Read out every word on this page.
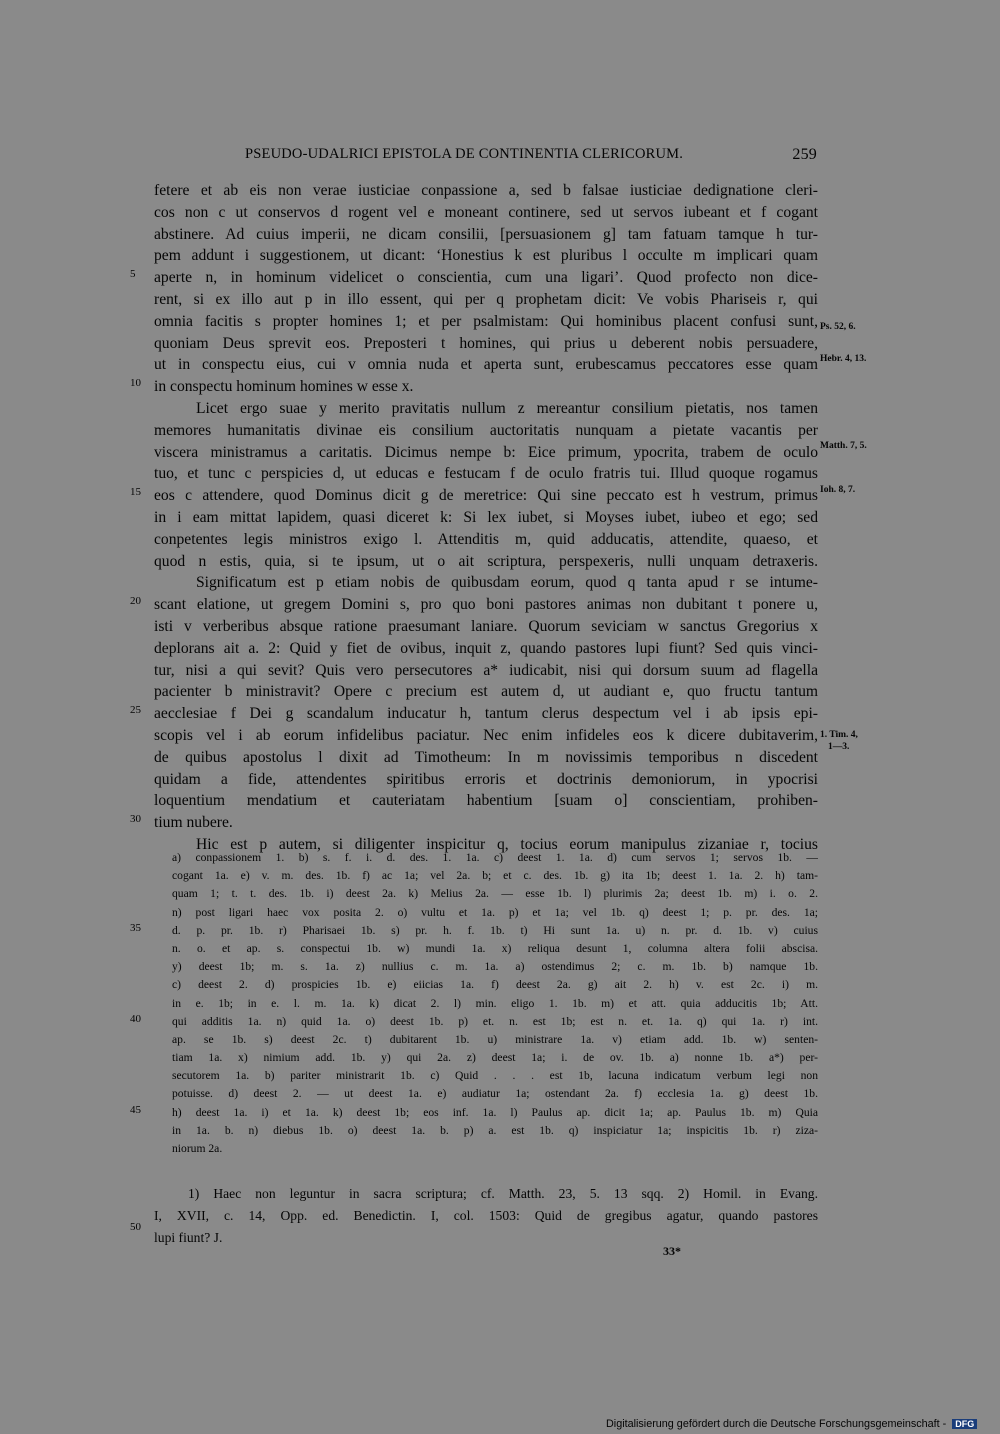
PSEUDO-UDALRICI EPISTOLA DE CONTINENTIA CLERICORUM.	259
fetere et ab eis non verae iusticiae conpassione a, sed b falsae iusticiae dedignatione cleri-
cos non c ut conservos d rogent vel e moneant continere, sed ut servos iubeant et f cogant
abstinere. Ad cuius imperii, ne dicam consilii, [persuasionem g] tam fatuam tamque h tur-
pem addunt i suggestionem, ut dicant: ‘Honestius k est pluribus l occulte m implicari quam
aperte n, in hominum videlicet o conscientia, cum una ligari’. Quod profecto non dice-
rent, si ex illo aut p in illo essent, qui per q prophetam dicit: Ve vobis Phariseis r, qui
omnia facitis s propter homines 1; et per psalmistam: Qui hominibus placent confusi sunt,
quoniam Deus sprevit eos. Preposteri t homines, qui prius u deberent nobis persuadere,
ut in conspectu eius, cui v omnia nuda et aperta sunt, erubescamus peccatores esse quam
in conspectu hominum homines w esse x.
Licet ergo suae y merito pravitatis nullum z mereantur consilium pietatis, nos tamen
memores humanitatis divinae eis consilium auctoritatis nunquam a pietate vacantis per
viscera ministramus a caritatis. Dicimus nempe b: Eice primum, ypocrita, trabem de oculo
tuo, et tunc c perspicies d, ut educas e festucam f de oculo fratris tui. Illud quoque rogamus
eos c attendere, quod Dominus dicit g de meretrice: Qui sine peccato est h vestrum, primus
in i eam mittat lapidem, quasi diceret k: Si lex iubet, si Moyses iubet, iubeo et ego; sed
conpetentes legis ministros exigo l. Attenditis m, quid adducatis, attendite, quaeso, et
quod n estis, quia, si te ipsum, ut o ait scriptura, perspexeris, nulli unquam detraxeris.
Significatum est p etiam nobis de quibusdam eorum, quod q tanta apud r se intume-
scant elatione, ut gregem Domini s, pro quo boni pastores animas non dubitant t ponere u,
isti v verberibus absque ratione praesumant laniare. Quorum seviciam w sanctus Gregorius x
deplorans ait a. 2: Quid y fiet de ovibus, inquit z, quando pastores lupi fiunt? Sed quis vinci-
tur, nisi a qui sevit? Quis vero persecutores a* iudicabit, nisi qui dorsum suum ad flagella
pacienter b ministravit? Opere c precium est autem d, ut audiant e, quo fructu tantum
aecclesiae f Dei g scandalum inducatur h, tantum clerus despectum vel i ab ipsis epi-
scopis vel i ab eorum infidelibus paciatur. Nec enim infideles eos k dicere dubitaverim,
de quibus apostolus l dixit ad Timotheum: In m novissimis temporibus n discedent
quidam a fide, attendentes spiritibus erroris et doctrinis demoniorum, in ypocrisi
loquentium mendatium et cauteriatam habentium [suam o] conscientiam, prohiben-
tium nubere.
Hic est p autem, si diligenter inspicitur q, tocius eorum manipulus zizaniae r, tocius
5
10
15
20
25
30
35
40
45
50
Ps. 52, 6.
Hebr. 4, 13.
Matth. 7, 5.
Ioh. 8, 7.
1. Tim. 4,
1—3.
a) conpassionem 1. b) s. f. i. d. des. 1. 1a. c) deest 1. 1a. d) cum servos 1; servos 1b. —
cogant 1a. e) v. m. des. 1b. f) ac 1a; vel 2a. b; et c. des. 1b. g) ita 1b; deest 1. 1a. 2. h) tam-
quam 1; t. t. des. 1b. i) deest 2a. k) Melius 2a. — esse 1b. l) plurimis 2a; deest 1b. m) i. o. 2.
n) post ligari haec vox posita 2. o) vultu et 1a. p) et 1a; vel 1b. q) deest 1; p. pr. des. 1a;
d. p. pr. 1b. r) Pharisaei 1b. s) pr. h. f. 1b. t) Hi sunt 1a. u) n. pr. d. 1b. v) cuius
n. o. et ap. s. conspectui 1b. w) mundi 1a. x) reliqua desunt 1, columna altera folii abscisa.
y) deest 1b; m. s. 1a. z) nullius c. m. 1a. a) ostendimus 2; c. m. 1b. b) namque 1b.
c) deest 2. d) prospicies 1b. e) eiicias 1a. f) deest 2a. g) ait 2. h) v. est 2c. i) m.
in e. 1b; in e. l. m. 1a. k) dicat 2. l) min. eligo 1. 1b. m) et att. quia adducitis 1b; Att.
qui additis 1a. n) quid 1a. o) deest 1b. p) et. n. est 1b; est n. et. 1a. q) qui 1a. r) int.
ap. se 1b. s) deest 2c. t) dubitarent 1b. u) ministrare 1a. v) etiam add. 1b. w) senten-
tiam 1a. x) nimium add. 1b. y) qui 2a. z) deest 1a; i. de ov. 1b. a) nonne 1b. a*) per-
secutorem 1a. b) pariter ministrarit 1b. c) Quid . . . est 1b, lacuna indicatum verbum legi non
potuisse. d) deest 2. — ut deest 1a. e) audiatur 1a; ostendant 2a. f) ecclesia 1a. g) deest 1b.
h) deest 1a. i) et 1a. k) deest 1b; eos inf. 1a. l) Paulus ap. dicit 1a; ap. Paulus 1b. m) Quia
in 1a. b. n) diebus 1b. o) deest 1a. b. p) a. est 1b. q) inspiciatur 1a; inspicitis 1b. r) ziza-
niorum 2a.
1) Haec non leguntur in sacra scriptura; cf. Matth. 23, 5. 13 sqq. 2) Homil. in Evang.
I, XVII, c. 14, Opp. ed. Benedictin. I, col. 1503: Quid de gregibus agatur, quando pastores
lupi fiunt? J.
33*
Digitalisierung gefördert durch die Deutsche Forschungsgemeinschaft - DFG
